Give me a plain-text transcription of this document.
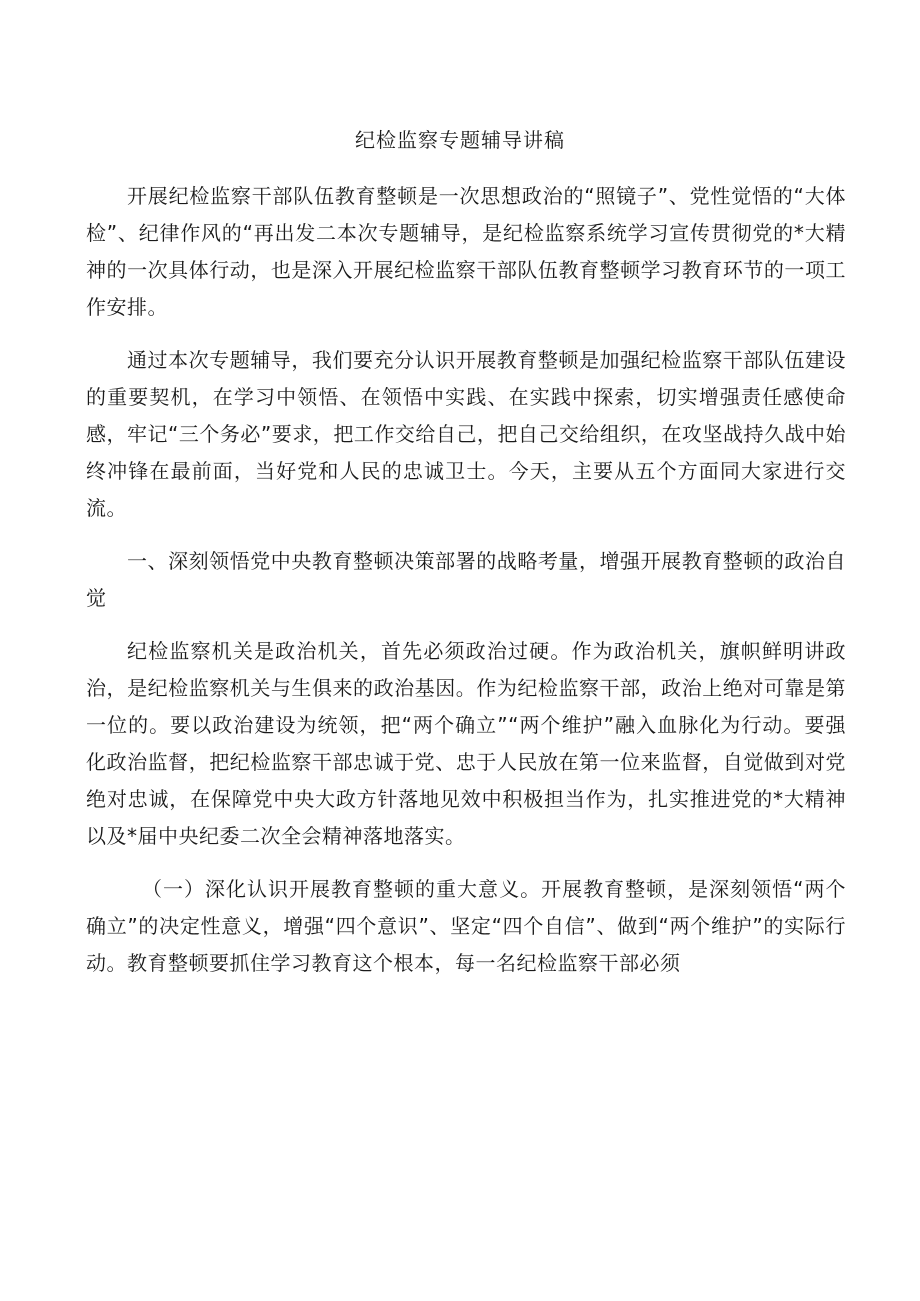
纪检监察专题辅导讲稿

开展纪检监察干部队伍教育整顿是一次思想政治的“照镜子”、党性觉悟的“大体检”、纪律作风的“再出发二本次专题辅导，是纪检监察系统学习宣传贯彻党的*大精神的一次具体行动，也是深入开展纪检监察干部队伍教育整顿学习教育环节的一项工作安排。

通过本次专题辅导，我们要充分认识开展教育整顿是加强纪检监察干部队伍建设的重要契机，在学习中领悟、在领悟中实践、在实践中探索，切实增强责任感使命感，牢记“三个务必”要求，把工作交给自己，把自己交给组织，在攻坚战持久战中始终冲锋在最前面，当好党和人民的忠诚卫士。今天，主要从五个方面同大家进行交流。

一、深刻领悟党中央教育整顿决策部署的战略考量，增强开展教育整顿的政治自觉

纪检监察机关是政治机关，首先必须政治过硬。作为政治机关，旗帜鲜明讲政治，是纪检监察机关与生俱来的政治基因。作为纪检监察干部，政治上绝对可靠是第一位的。要以政治建设为统领，把“两个确立”“两个维护”融入血脉化为行动。要强化政治监督，把纪检监察干部忠诚于党、忠于人民放在第一位来监督，自觉做到对党绝对忠诚，在保障党中央大政方针落地见效中积极担当作为，扎实推进党的*大精神以及*届中央纪委二次全会精神落地落实。

（一）深化认识开展教育整顿的重大意义。开展教育整顿，是深刻领悟“两个确立”的决定性意义，增强“四个意识”、坚定“四个自信”、做到“两个维护”的实际行动。教育整顿要抓住学习教育这个根本，每一名纪检监察干部必须
